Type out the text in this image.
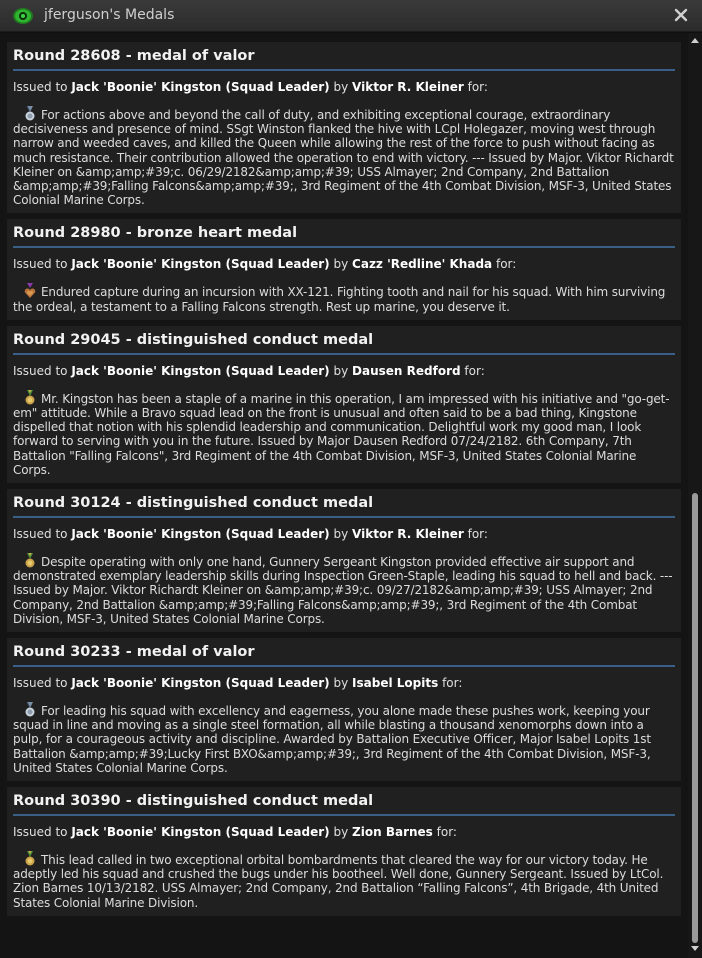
jferguson's Medals
Round 28608 - medal of valor
Issued to Jack 'Boonie' Kingston (Squad Leader) by Viktor R. Kleiner for:
For actions above and beyond the call of duty, and exhibiting exceptional courage, extraordinary decisiveness and presence of mind. SSgt Winston flanked the hive with LCpl Holegazer, moving west through narrow and weeded caves, and killed the Queen while allowing the rest of the force to push without facing as much resistance. Their contribution allowed the operation to end with victory. --- Issued by Major. Viktor Richardt Kleiner on &amp;amp;#39;c. 06/29/2182&amp;amp;#39; USS Almayer; 2nd Company, 2nd Battalion &amp;amp;#39;Falling Falcons&amp;amp;#39;, 3rd Regiment of the 4th Combat Division, MSF-3, United States Colonial Marine Corps.
Round 28980 - bronze heart medal
Issued to Jack 'Boonie' Kingston (Squad Leader) by Cazz 'Redline' Khada for:
Endured capture during an incursion with XX-121. Fighting tooth and nail for his squad. With him surviving the ordeal, a testament to a Falling Falcons strength. Rest up marine, you deserve it.
Round 29045 - distinguished conduct medal
Issued to Jack 'Boonie' Kingston (Squad Leader) by Dausen Redford for:
Mr. Kingston has been a staple of a marine in this operation, I am impressed with his initiative and "go-get-em" attitude. While a Bravo squad lead on the front is unusual and often said to be a bad thing, Kingstone dispelled that notion with his splendid leadership and communication. Delightful work my good man, I look forward to serving with you in the future. Issued by Major Dausen Redford 07/24/2182. 6th Company, 7th Battalion "Falling Falcons", 3rd Regiment of the 4th Combat Division, MSF-3, United States Colonial Marine Corps.
Round 30124 - distinguished conduct medal
Issued to Jack 'Boonie' Kingston (Squad Leader) by Viktor R. Kleiner for:
Despite operating with only one hand, Gunnery Sergeant Kingston provided effective air support and demonstrated exemplary leadership skills during Inspection Green-Staple, leading his squad to hell and back. --- Issued by Major. Viktor Richardt Kleiner on &amp;amp;#39;c. 09/27/2182&amp;amp;#39; USS Almayer; 2nd Company, 2nd Battalion &amp;amp;#39;Falling Falcons&amp;amp;#39;, 3rd Regiment of the 4th Combat Division, MSF-3, United States Colonial Marine Corps.
Round 30233 - medal of valor
Issued to Jack 'Boonie' Kingston (Squad Leader) by Isabel Lopits for:
For leading his squad with excellency and eagerness, you alone made these pushes work, keeping your squad in line and moving as a single steel formation, all while blasting a thousand xenomorphs down into a pulp, for a courageous activity and discipline. Awarded by Battalion Executive Officer, Major Isabel Lopits 1st Battalion &amp;amp;#39;Lucky First BXO&amp;amp;#39;, 3rd Regiment of the 4th Combat Division, MSF-3, United States Colonial Marine Corps.
Round 30390 - distinguished conduct medal
Issued to Jack 'Boonie' Kingston (Squad Leader) by Zion Barnes for:
This lead called in two exceptional orbital bombardments that cleared the way for our victory today. He adeptly led his squad and crushed the bugs under his bootheel. Well done, Gunnery Sergeant. Issued by LtCol. Zion Barnes 10/13/2182. USS Almayer; 2nd Company, 2nd Battalion “Falling Falcons”, 4th Brigade, 4th United States Colonial Marine Division.
